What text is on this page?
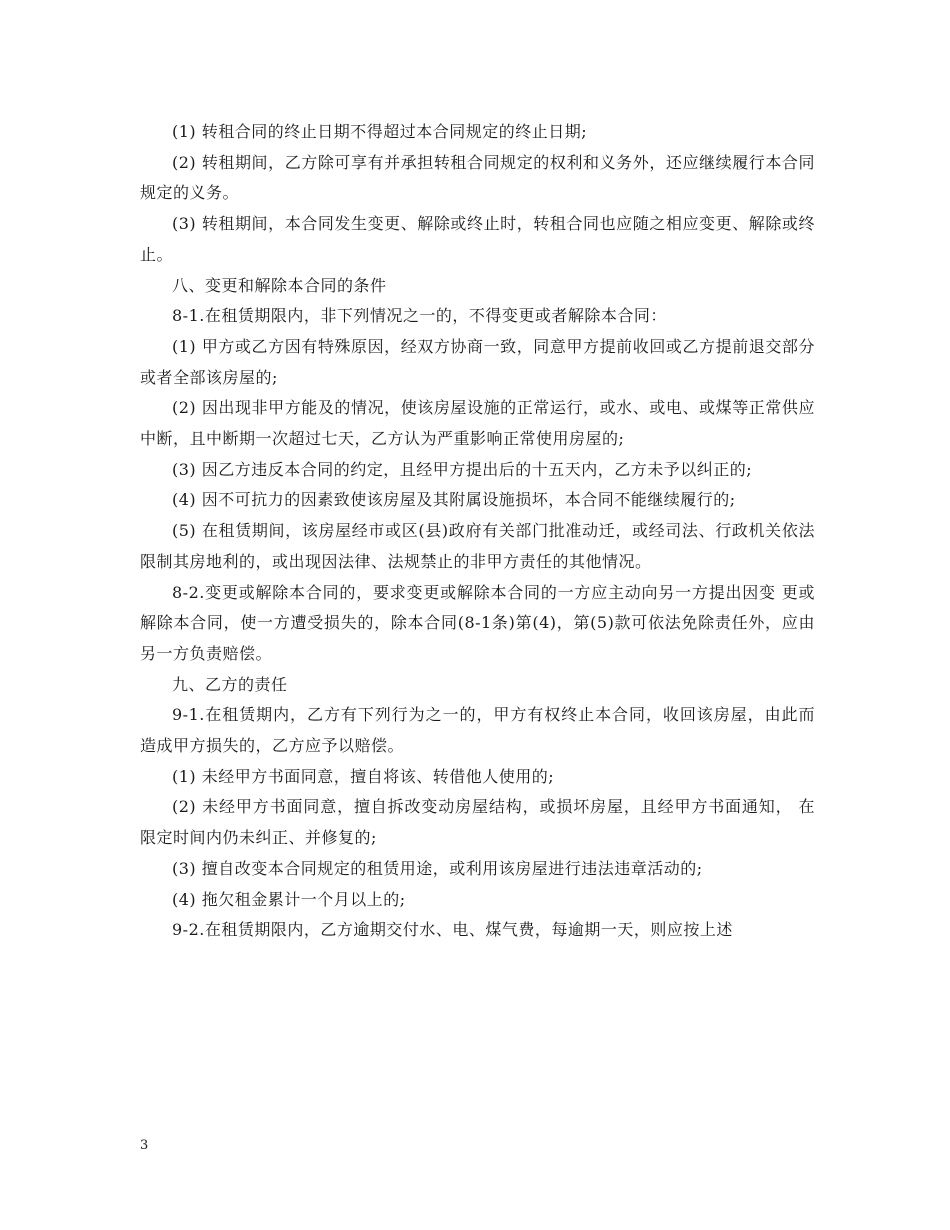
(1) 转租合同的终止日期不得超过本合同规定的终止日期;

(2) 转租期间，乙方除可享有并承担转租合同规定的权利和义务外，还应继续履行本合同规定的义务。

(3) 转租期间，本合同发生变更、解除或终止时，转租合同也应随之相应变更、解除或终止。

八、变更和解除本合同的条件

8-1.在租赁期限内，非下列情况之一的，不得变更或者解除本合同：

(1) 甲方或乙方因有特殊原因，经双方协商一致，同意甲方提前收回或乙方提前退交部分或者全部该房屋的;

(2) 因出现非甲方能及的情况，使该房屋设施的正常运行，或水、或电、或煤等正常供应中断，且中断期一次超过七天，乙方认为严重影响正常使用房屋的;

(3) 因乙方违反本合同的约定，且经甲方提出后的十五天内，乙方未予以纠正的;

(4) 因不可抗力的因素致使该房屋及其附属设施损坏，本合同不能继续履行的;

(5) 在租赁期间，该房屋经市或区(县)政府有关部门批准动迁，或经司法、行政机关依法限制其房地利的，或出现因法律、法规禁止的非甲方责任的其他情况。

8-2.变更或解除本合同的，要求变更或解除本合同的一方应主动向另一方提出因变 更或解除本合同，使一方遭受损失的，除本合同(8-1条)第(4)，第(5)款可依法免除责任外，应由另一方负责赔偿。

九、乙方的责任

9-1.在租赁期内，乙方有下列行为之一的，甲方有权终止本合同，收回该房屋，由此而造成甲方损失的，乙方应予以赔偿。

(1) 未经甲方书面同意，擅自将该、转借他人使用的;

(2) 未经甲方书面同意，擅自拆改变动房屋结构，或损坏房屋，且经甲方书面通知， 在限定时间内仍未纠正、并修复的;

(3) 擅自改变本合同规定的租赁用途，或利用该房屋进行违法违章活动的;

(4) 拖欠租金累计一个月以上的;

9-2.在租赁期限内，乙方逾期交付水、电、煤气费，每逾期一天，则应按上述

3
